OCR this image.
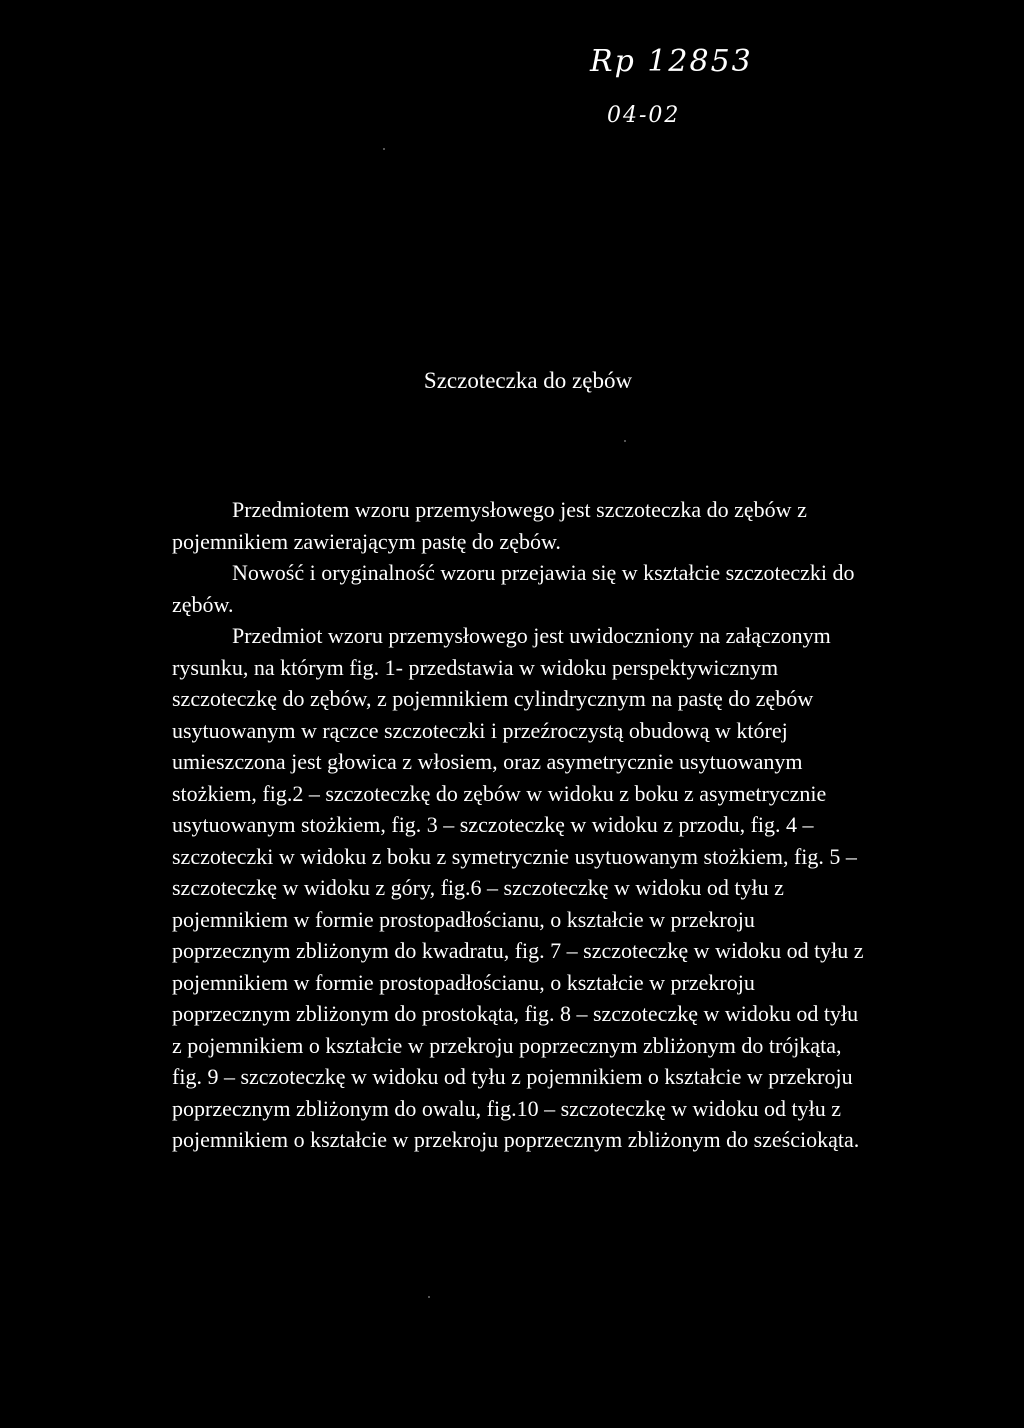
Rp 12853
04-02
Szczoteczka do zębów

Przedmiotem wzoru przemysłowego jest szczoteczka do zębów z pojemnikiem zawierającym pastę do zębów.

Nowość i oryginalność wzoru przejawia się w kształcie szczoteczki do zębów.

Przedmiot wzoru przemysłowego jest uwidoczniony na załączonym rysunku, na którym fig. 1- przedstawia w widoku perspektywicznym szczoteczkę do zębów, z pojemnikiem cylindrycznym na pastę do zębów usytuowanym w rączce szczoteczki i przeźroczystą obudową w której umieszczona jest głowica z włosiem, oraz asymetrycznie usytuowanym stożkiem, fig.2 – szczoteczkę do zębów w widoku z boku z asymetrycznie usytuowanym stożkiem, fig. 3 – szczoteczkę w widoku z przodu, fig. 4 – szczoteczki w widoku z boku z symetrycznie usytuowanym stożkiem, fig. 5 – szczoteczkę w widoku z góry, fig.6 – szczoteczkę w widoku od tyłu z pojemnikiem w formie prostopadłościanu, o kształcie w przekroju poprzecznym zbliżonym do kwadratu, fig. 7 – szczoteczkę w widoku od tyłu z pojemnikiem w formie prostopadłościanu, o kształcie w przekroju poprzecznym zbliżonym do prostokąta, fig. 8 – szczoteczkę w widoku od tyłu z pojemnikiem o kształcie w przekroju poprzecznym zbliżonym do trójkąta, fig. 9 – szczoteczkę w widoku od tyłu z pojemnikiem o kształcie w przekroju poprzecznym zbliżonym do owalu, fig.10 – szczoteczkę w widoku od tyłu z pojemnikiem o kształcie w przekroju poprzecznym zbliżonym do sześciokąta.
